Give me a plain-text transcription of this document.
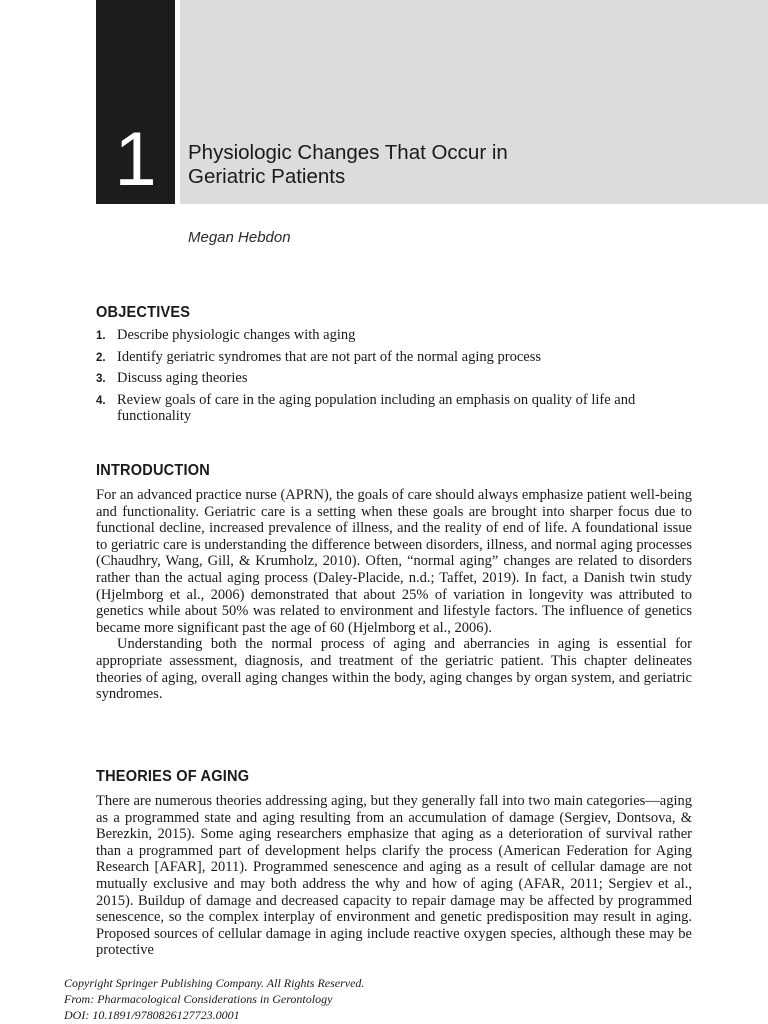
1	Physiologic Changes That Occur in
Geriatric Patients
Megan Hebdon
OBJECTIVES
1. Describe physiologic changes with aging
2. Identify geriatric syndromes that are not part of the normal aging process
3. Discuss aging theories
4. Review goals of care in the aging population including an emphasis on quality of life and functionality
INTRODUCTION

For an advanced practice nurse (APRN), the goals of care should always emphasize patient well-being and functionality. Geriatric care is a setting when these goals are brought into sharper focus due to functional decline, increased prevalence of illness, and the reality of end of life. A foundational issue to geriatric care is understanding the difference between disorders, illness, and normal aging processes (Chaudhry, Wang, Gill, & Krumholz, 2010). Often, “normal aging” changes are related to disorders rather than the actual aging process (Daley-Placide, n.d.; Taffet, 2019). In fact, a Danish twin study (Hjelmborg et al., 2006) demonstrated that about 25% of variation in longevity was attributed to genetics while about 50% was related to environment and lifestyle factors. The influence of genetics became more significant past the age of 60 (Hjelmborg et al., 2006).

Understanding both the normal process of aging and aberrancies in aging is essential for appropriate assessment, diagnosis, and treatment of the geriatric patient. This chapter delineates theories of aging, overall aging changes within the body, aging changes by organ system, and geriatric syndromes.

THEORIES OF AGING

There are numerous theories addressing aging, but they generally fall into two main categories—aging as a programmed state and aging resulting from an accumulation of damage (Sergiev, Dontsova, & Berezkin, 2015). Some aging researchers emphasize that aging as a deterioration of survival rather than a programmed part of development helps clarify the process (American Federation for Aging Research [AFAR], 2011). Programmed senescence and aging as a result of cellular damage are not mutually exclusive and may both address the why and how of aging (AFAR, 2011; Sergiev et al., 2015). Buildup of damage and decreased capacity to repair damage may be affected by programmed senescence, so the complex interplay of environment and genetic predisposition may result in aging. Proposed sources of cellular damage in aging include reactive oxygen species, although these may be protective

Copyright Springer Publishing Company. All Rights Reserved.
From: Pharmacological Considerations in Gerontology
DOI: 10.1891/9780826127723.0001
